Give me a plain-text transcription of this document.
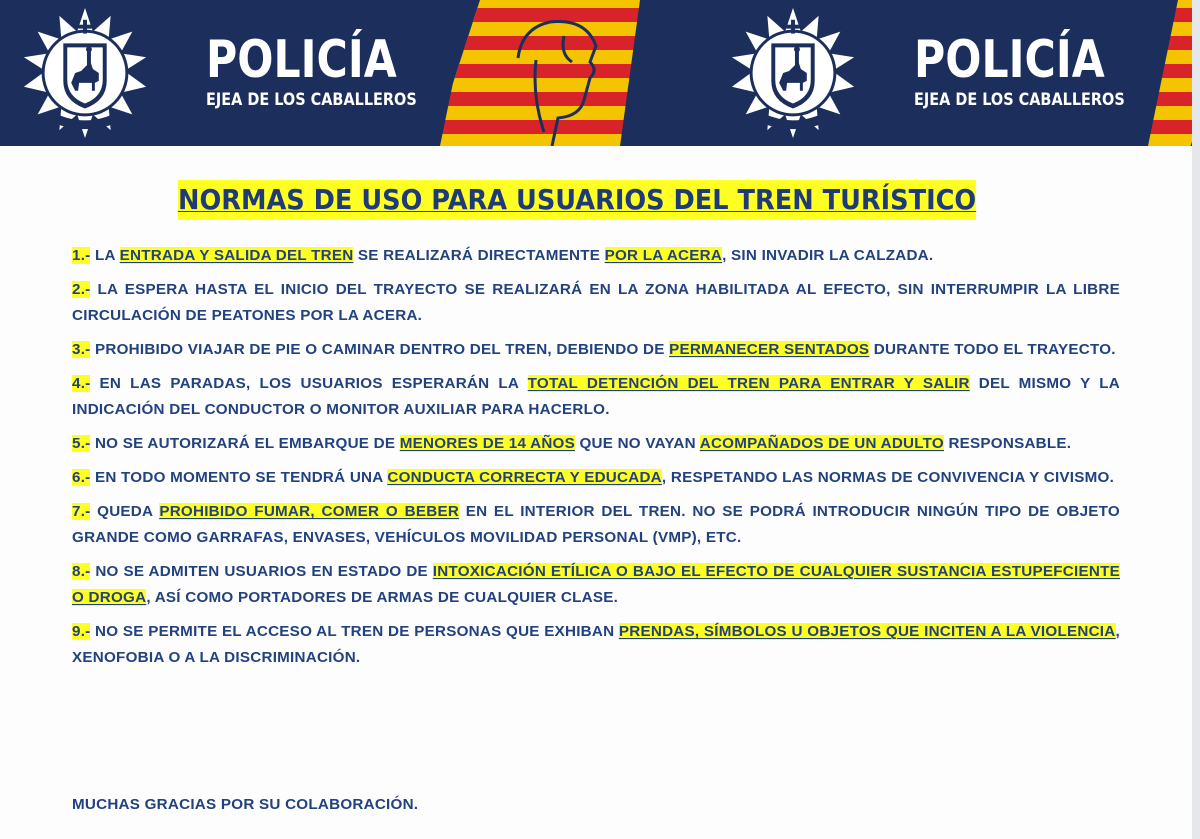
POLICÍA
EJEA DE LOS CABALLEROS
POLICÍA
EJEA DE LOS CABALLEROS
NORMAS DE USO PARA USUARIOS DEL TREN TURÍSTICO

1.- LA ENTRADA Y SALIDA DEL TREN SE REALIZARÁ DIRECTAMENTE POR LA ACERA, SIN INVADIR LA CALZADA.

2.- LA ESPERA HASTA EL INICIO DEL TRAYECTO SE REALIZARÁ EN LA ZONA HABILITADA AL EFECTO, SIN INTERRUMPIR LA LIBRE CIRCULACIÓN DE PEATONES POR LA ACERA.

3.- PROHIBIDO VIAJAR DE PIE O CAMINAR DENTRO DEL TREN, DEBIENDO DE PERMANECER SENTADOS DURANTE TODO EL TRAYECTO.

4.- EN LAS PARADAS, LOS USUARIOS ESPERARÁN LA TOTAL DETENCIÓN DEL TREN PARA ENTRAR Y SALIR DEL MISMO Y LA INDICACIÓN DEL CONDUCTOR O MONITOR AUXILIAR PARA HACERLO.

5.- NO SE AUTORIZARÁ EL EMBARQUE DE MENORES DE 14 AÑOS QUE NO VAYAN ACOMPAÑADOS DE UN ADULTO RESPONSABLE.

6.- EN TODO MOMENTO SE TENDRÁ UNA CONDUCTA CORRECTA Y EDUCADA, RESPETANDO LAS NORMAS DE CONVIVENCIA Y CIVISMO.

7.- QUEDA PROHIBIDO FUMAR, COMER O BEBER EN EL INTERIOR DEL TREN. NO SE PODRÁ INTRODUCIR NINGÚN TIPO DE OBJETO GRANDE COMO GARRAFAS, ENVASES, VEHÍCULOS MOVILIDAD PERSONAL (VMP), ETC.

8.- NO SE ADMITEN USUARIOS EN ESTADO DE INTOXICACIÓN ETÍLICA O BAJO EL EFECTO DE CUALQUIER SUSTANCIA ESTUPEFCIENTE O DROGA, ASÍ COMO PORTADORES DE ARMAS DE CUALQUIER CLASE.

9.- NO SE PERMITE EL ACCESO AL TREN DE PERSONAS QUE EXHIBAN PRENDAS, SÍMBOLOS U OBJETOS QUE INCITEN A LA VIOLENCIA, XENOFOBIA O A LA DISCRIMINACIÓN.

MUCHAS GRACIAS POR SU COLABORACIÓN.
